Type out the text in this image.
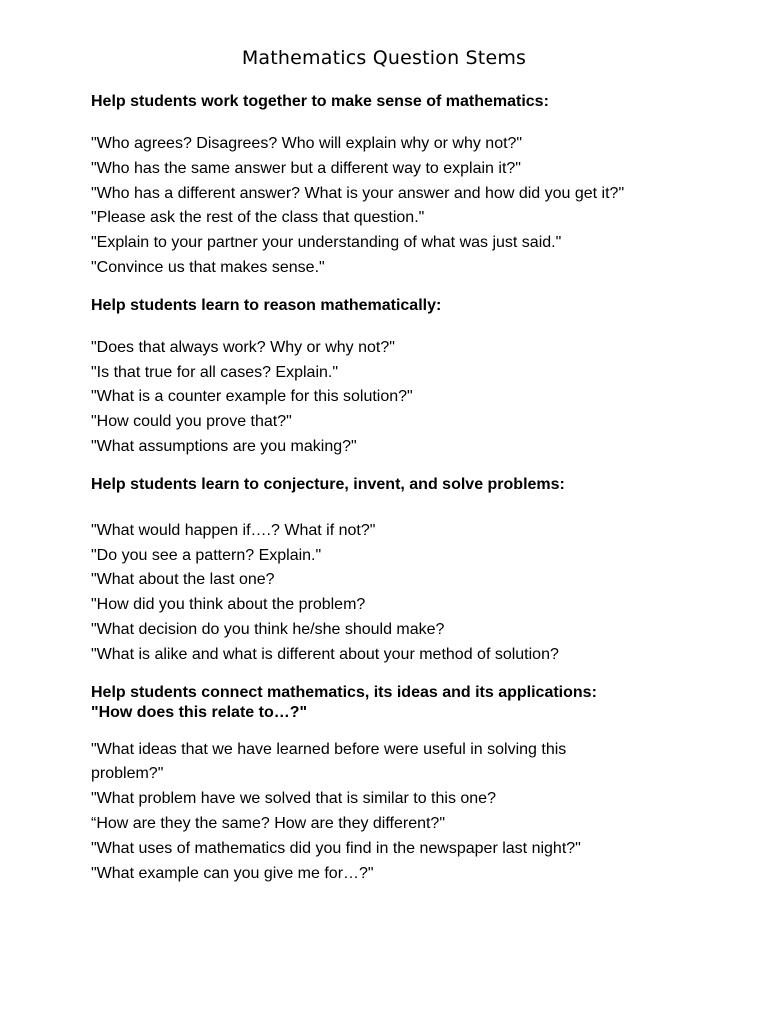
Mathematics Question Stems

Help students work together to make sense of mathematics:

"Who agrees? Disagrees? Who will explain why or why not?"
"Who has the same answer but a different way to explain it?"
"Who has a different answer? What is your answer and how did you get it?"
"Please ask the rest of the class that question."
"Explain to your partner your understanding of what was just said."
"Convince us that makes sense."

Help students learn to reason mathematically:

"Does that always work? Why or why not?"
"Is that true for all cases? Explain."
"What is a counter example for this solution?"
"How could you prove that?"
"What assumptions are you making?"

Help students learn to conjecture, invent, and solve problems:

"What would happen if….? What if not?"
"Do you see a pattern? Explain."
"What about the last one?
"How did you think about the problem?
"What decision do you think he/she should make?
"What is alike and what is different about your method of solution?

Help students connect mathematics, its ideas and its applications:

"How does this relate to…?"

"What ideas that we have learned before were useful in solving this
problem?"
"What problem have we solved that is similar to this one?
“How are they the same? How are they different?"
"What uses of mathematics did you find in the newspaper last night?"
"What example can you give me for…?"
